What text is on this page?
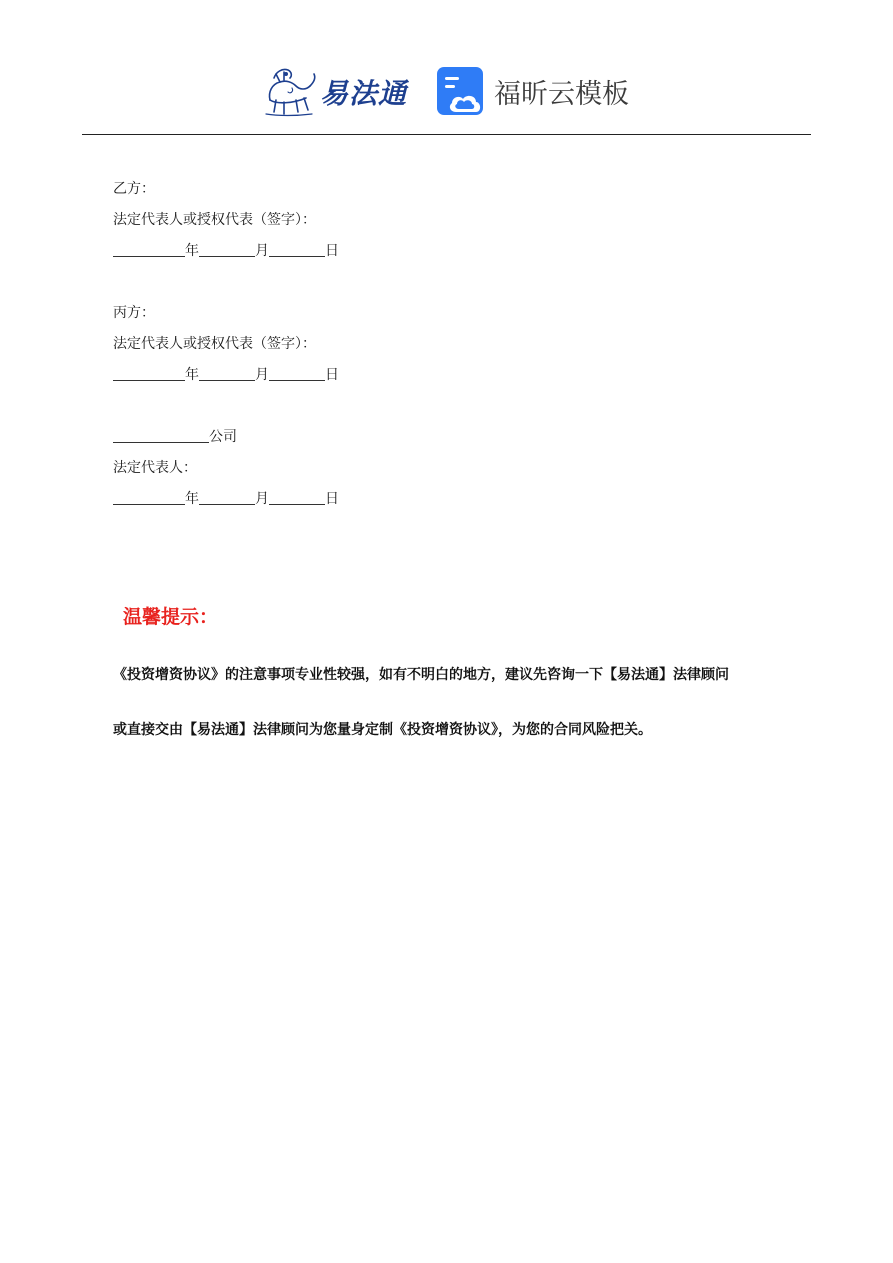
易法通	福昕云模板
乙方：
法定代表人或授权代表（签字）：
年	月	日
丙方：
法定代表人或授权代表（签字）：
年	月	日
公司
法定代表人：
年	月	日
温馨提示：
《投资增资协议》的注意事项专业性较强，如有不明白的地方，建议先咨询一下【易法通】法律顾问
或直接交由【易法通】法律顾问为您量身定制《投资增资协议》，为您的合同风险把关。
